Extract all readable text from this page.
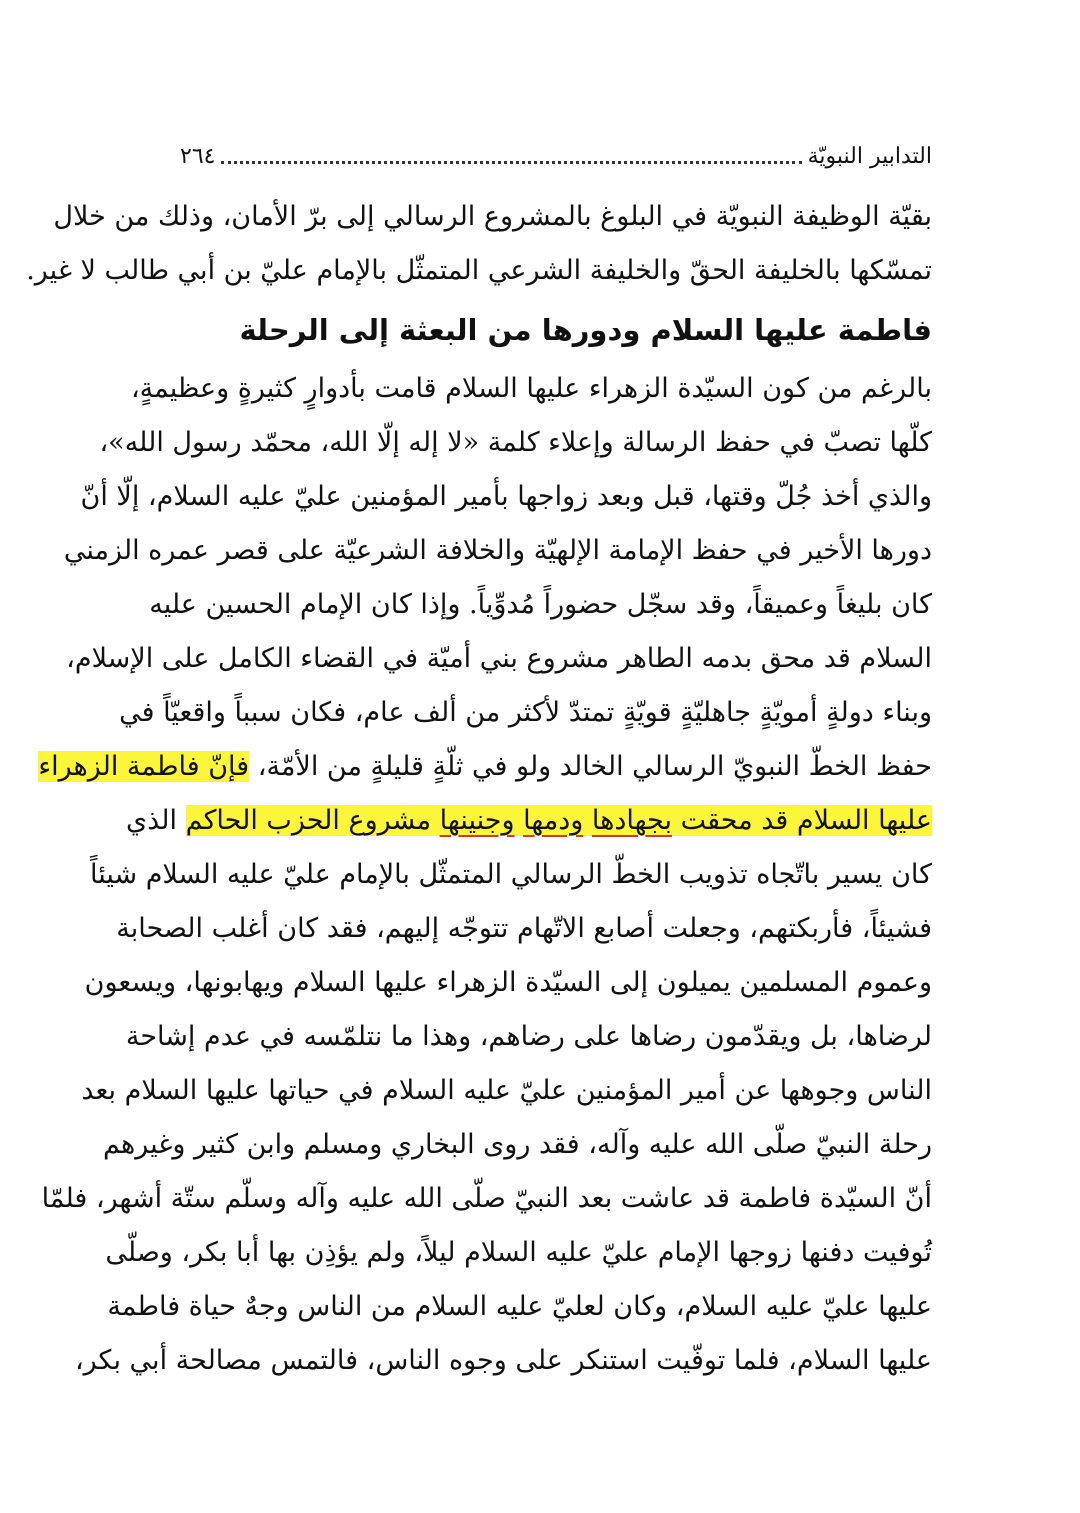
التدابير النبويّة
٢٦٤
بقيّة الوظيفة النبويّة في البلوغ بالمشروع الرسالي إلى برّ الأمان، وذلك من خلال
تمسّكها بالخليفة الحقّ والخليفة الشرعي المتمثّل بالإمام عليّ بن أبي طالب لا غير.
فاطمة عليها السلام ودورها من البعثة إلى الرحلة
بالرغم من كون السيّدة الزهراء عليها السلام قامت بأدوارٍ كثيرةٍ وعظيمةٍ،
كلّها تصبّ في حفظ الرسالة وإعلاء كلمة «لا إله إلّا الله، محمّد رسول الله»،
والذي أخذ جُلّ وقتها، قبل وبعد زواجها بأمير المؤمنين عليّ عليه السلام، إلّا أنّ
دورها الأخير في حفظ الإمامة الإلهيّة والخلافة الشرعيّة على قصر عمره الزمني
كان بليغاً وعميقاً، وقد سجّل حضوراً مُدوِّياً. وإذا كان الإمام الحسين عليه
السلام قد محق بدمه الطاهر مشروع بني أميّة في القضاء الكامل على الإسلام،
وبناء دولةٍ أمويّةٍ جاهليّةٍ قويّةٍ تمتدّ لأكثر من ألف عام، فكان سبباً واقعيّاً في
حفظ الخطّ النبويّ الرسالي الخالد ولو في ثلّةٍ قليلةٍ من الأمّة، فإنّ فاطمة الزهراء
عليها السلام قد محقت بجهادها ودمها وجنينها مشروع الحزب الحاكم الذي
كان يسير باتّجاه تذويب الخطّ الرسالي المتمثّل بالإمام عليّ عليه السلام شيئاً
فشيئاً، فأربكتهم، وجعلت أصابع الاتّهام تتوجّه إليهم، فقد كان أغلب الصحابة
وعموم المسلمين يميلون إلى السيّدة الزهراء عليها السلام ويهابونها، ويسعون
لرضاها، بل ويقدّمون رضاها على رضاهم، وهذا ما نتلمّسه في عدم إشاحة
الناس وجوهها عن أمير المؤمنين عليّ عليه السلام في حياتها عليها السلام بعد
رحلة النبيّ صلّى الله عليه وآله، فقد روى البخاري ومسلم وابن كثير وغيرهم
أنّ السيّدة فاطمة قد عاشت بعد النبيّ صلّى الله عليه وآله وسلّم ستّة أشهر، فلمّا
تُوفيت دفنها زوجها الإمام عليّ عليه السلام ليلاً، ولم يؤذِن بها أبا بكر، وصلّى
عليها عليّ عليه السلام، وكان لعليّ عليه السلام من الناس وجهٌ حياة فاطمة
عليها السلام، فلما توفّيت استنكر على وجوه الناس، فالتمس مصالحة أبي بكر،
